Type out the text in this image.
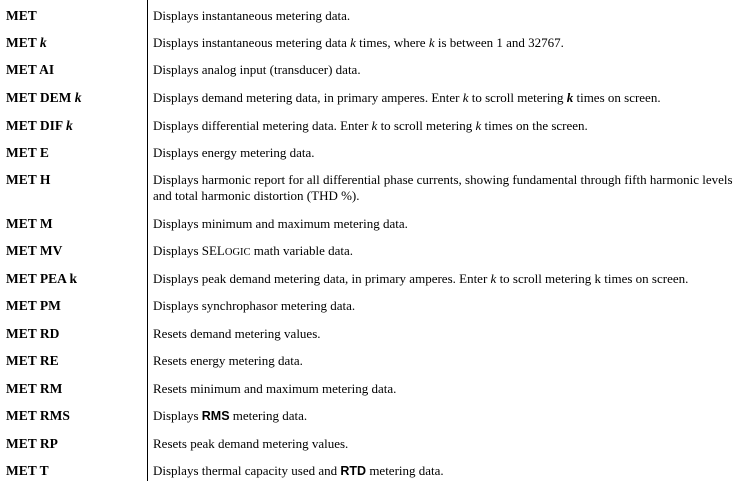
MET	Displays instantaneous metering data.
MET k	Displays instantaneous metering data k times, where k is between 1 and 32767.
MET AI	Displays analog input (transducer) data.
MET DEM k	Displays demand metering data, in primary amperes. Enter k to scroll metering k times on screen.
MET DIF k	Displays differential metering data. Enter k to scroll metering k times on the screen.
MET E	Displays energy metering data.
MET H	Displays harmonic report for all differential phase currents, showing fundamental through fifth harmonic levels and total harmonic distortion (THD %).
MET M	Displays minimum and maximum metering data.
MET MV	Displays SELOGIC math variable data.
MET PEA k	Displays peak demand metering data, in primary amperes. Enter k to scroll metering k times on screen.
MET PM	Displays synchrophasor metering data.
MET RD	Resets demand metering values.
MET RE	Resets energy metering data.
MET RM	Resets minimum and maximum metering data.
MET RMS	Displays RMS metering data.
MET RP	Resets peak demand metering values.
MET T	Displays thermal capacity used and RTD metering data.
